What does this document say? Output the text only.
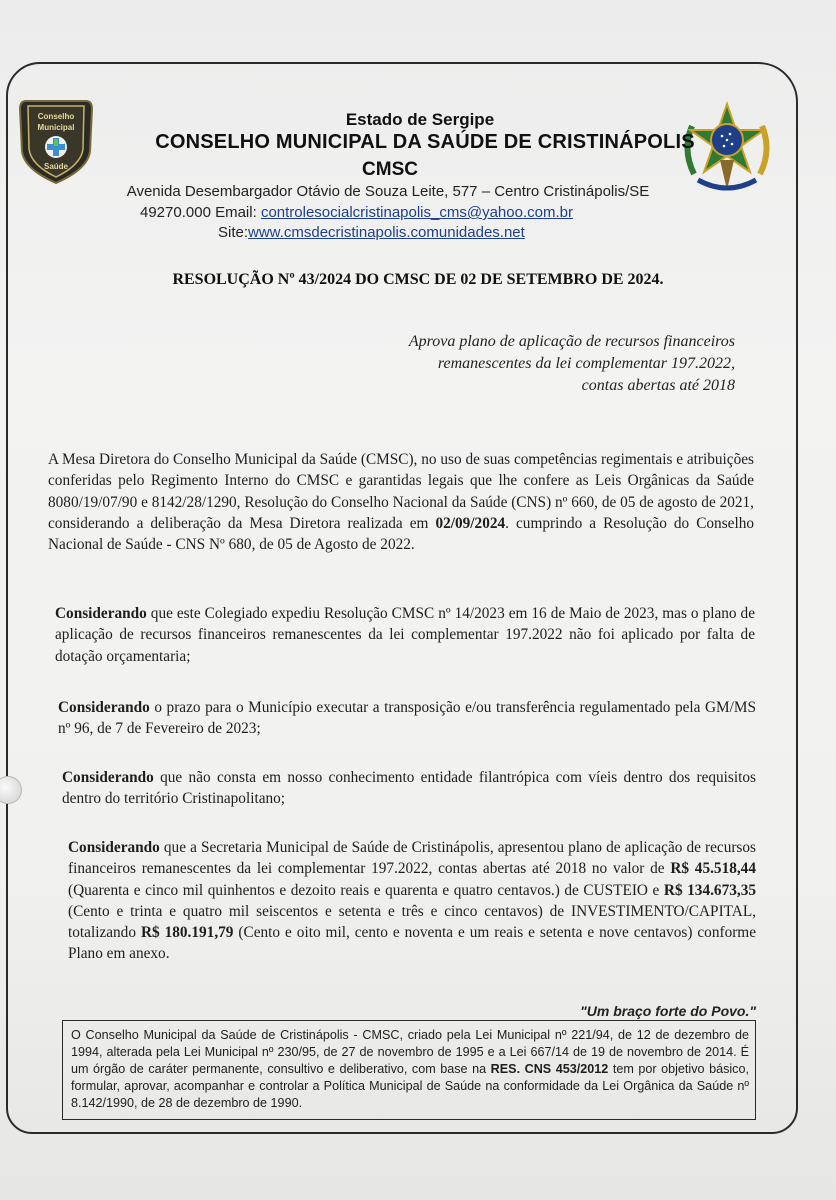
Conselho
Municipal
Saúde
Estado de Sergipe
CONSELHO MUNICIPAL DA SAÚDE DE CRISTINÁPOLIS
CMSC
Avenida Desembargador Otávio de Souza Leite, 577 – Centro Cristinápolis/SE
49270.000 Email: controlesocialcristinapolis_cms@yahoo.com.br
Site:www.cmsdecristinapolis.comunidades.net
RESOLUÇÃO Nº 43/2024 DO CMSC DE 02 DE SETEMBRO DE 2024.
Aprova plano de aplicação de recursos financeiros
remanescentes da lei complementar 197.2022,
contas abertas até 2018
A Mesa Diretora do Conselho Municipal da Saúde (CMSC), no uso de suas competências regimentais e atribuições conferidas pelo Regimento Interno do CMSC e garantidas legais que lhe confere as Leis Orgânicas da Saúde 8080/19/07/90 e 8142/28/1290, Resolução do Conselho Nacional da Saúde (CNS) nº 660, de 05 de agosto de 2021, considerando a deliberação da Mesa Diretora realizada em 02/09/2024. cumprindo a Resolução do Conselho Nacional de Saúde - CNS Nº 680, de 05 de Agosto de 2022.
Considerando que este Colegiado expediu Resolução CMSC nº 14/2023 em 16 de Maio de 2023, mas o plano de aplicação de recursos financeiros remanescentes da lei complementar 197.2022 não foi aplicado por falta de dotação orçamentaria;
Considerando o prazo para o Município executar a transposição e/ou transferência regulamentado pela GM/MS nº 96, de 7 de Fevereiro de 2023;
Considerando que não consta em nosso conhecimento entidade filantrópica com víeis dentro dos requisitos dentro do território Cristinapolitano;
Considerando que a Secretaria Municipal de Saúde de Cristinápolis, apresentou plano de aplicação de recursos financeiros remanescentes da lei complementar 197.2022, contas abertas até 2018 no valor de R$ 45.518,44 (Quarenta e cinco mil quinhentos e dezoito reais e quarenta e quatro centavos.) de CUSTEIO e R$ 134.673,35 (Cento e trinta e quatro mil seiscentos e setenta e três e cinco centavos) de INVESTIMENTO/CAPITAL, totalizando R$ 180.191,79 (Cento e oito mil, cento e noventa e um reais e setenta e nove centavos) conforme Plano em anexo.
"Um braço forte do Povo."
O Conselho Municipal da Saúde de Cristinápolis - CMSC, criado pela Lei Municipal nº 221/94, de 12 de dezembro de 1994, alterada pela Lei Municipal nº 230/95, de 27 de novembro de 1995 e a Lei 667/14 de 19 de novembro de 2014. É um órgão de caráter permanente, consultivo e deliberativo, com base na RES. CNS 453/2012 tem por objetivo básico, formular, aprovar, acompanhar e controlar a Política Municipal de Saúde na conformidade da Lei Orgânica da Saúde nº 8.142/1990, de 28 de dezembro de 1990.
